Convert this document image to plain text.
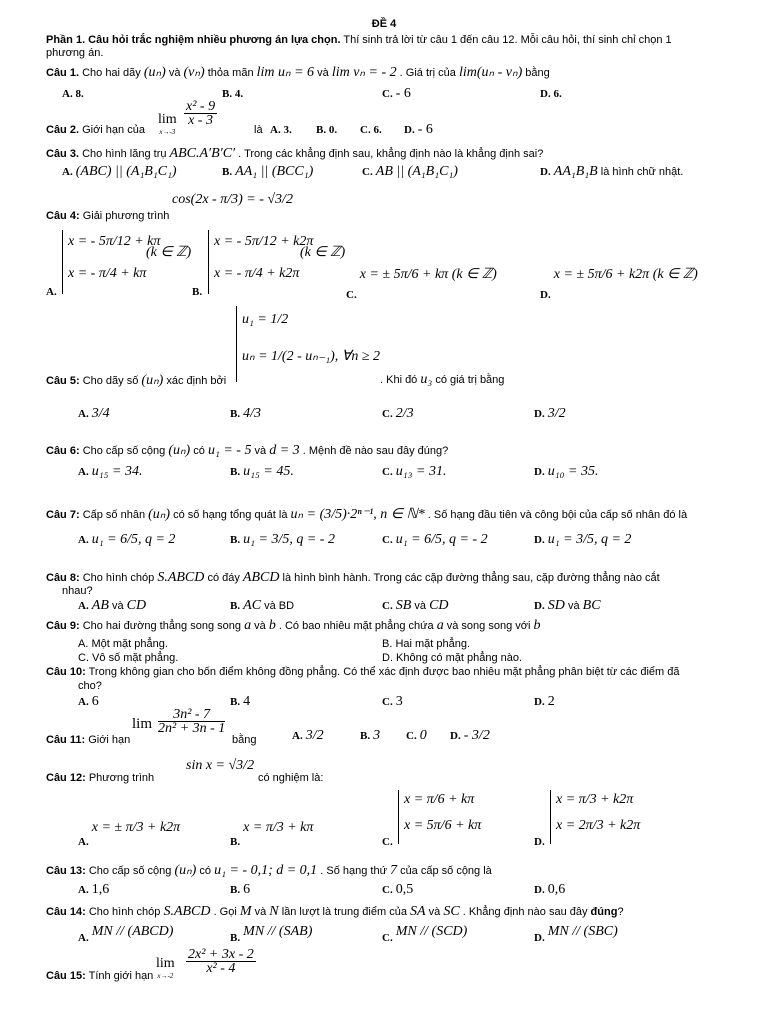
ĐỀ 4
Phần 1. Câu hỏi trắc nghiệm nhiều phương án lựa chọn. Thí sinh trả lời từ câu 1 đến câu 12. Mỗi câu hỏi, thí sinh chỉ chọn 1
phương án.
Câu 1. Cho hai dãy (uₙ) và (vₙ) thỏa mãn lim uₙ = 6 và lim vₙ = - 2 . Giá trị của lim(uₙ - vₙ) bằng
A. 8.	B. 4.	C. - 6	D. 6.
Câu 2. Giới hạn của
lim
x→-3
$\frac{\text{x² - 9}}{x - 3}$
là A. 3. B. 0. C. 6. D. - 6
Câu 3. Cho hình lăng trụ ABC.A′B′C′ . Trong các khẳng định sau, khẳng định nào là khẳng định sai?
A. (ABC) || (A₁B₁C₁)	B. AA₁ || (BCC₁)	C. AB || (A₁B₁C₁)	D. AA₁B₁B là hình chữ nhật.
Câu 4: Giải phương trình
cos(2x - π/3) = - √3/2
A.
x = - 5π/12 + kπ
x = - π/4 + kπ
(k ∈ ℤ)
B.
x = - 5π/12 + k2π
x = - π/4 + k2π
(k ∈ ℤ)
C. x = ± 5π/6 + kπ (k ∈ ℤ)
D. x = ± 5π/6 + k2π (k ∈ ℤ)
Câu 5: Cho dãy số (uₙ) xác định bởi
u₁ = 1/2
uₙ = 1/(2 - uₙ₋₁), ∀n ≥ 2
. Khi đó u₃ có giá trị bằng
A. 3/4	B. 4/3	C. 2/3	D. 3/2
Câu 6: Cho cấp số cộng (uₙ) có u₁ = - 5 và d = 3 . Mệnh đề nào sau đây đúng?
A. u₁₅ = 34.	B. u₁₅ = 45.	C. u₁₃ = 31.	D. u₁₀ = 35.
Câu 7: Cấp số nhân (uₙ) có số hạng tổng quát là uₙ = (3/5)·2ⁿ⁻¹, n ∈ ℕ* . Số hạng đầu tiên và công bội của cấp số nhân đó là
A. u₁ = 6/5, q = 2	B. u₁ = 3/5, q = - 2	C. u₁ = 6/5, q = - 2	D. u₁ = 3/5, q = 2
Câu 8: Cho hình chóp S.ABCD có đáy ABCD là hình bình hành. Trong các cặp đường thẳng sau, cặp đường thẳng nào cắt
nhau?
A. AB và CD	B. AC và BD	C. SB và CD	D. SD và BC
Câu 9: Cho hai đường thẳng song song a và b . Có bao nhiêu mặt phẳng chứa a và song song với b
A. Một mặt phẳng.	B. Hai mặt phẳng.
C. Vô số mặt phẳng.	D. Không có mặt phẳng nào.
Câu 10: Trong không gian cho bốn điểm không đồng phẳng. Có thể xác định được bao nhiêu mặt phẳng phân biệt từ các điểm đã
cho?
A. 6	B. 4	C. 3	D. 2
Câu 11: Giới hạn
$\lim \frac{\text{3n² - 7}}{\text{2n² + 3n - 1}}$
bằng	A. 3/2	B. 3 C. 0 D. - 3/2
Câu 12: Phương trình
sin x = √3/2
có nghiệm là:
A. x = ± π/3 + k2π
B. x = π/3 + kπ
C.
x = π/6 + kπ
x = 5π/6 + kπ
D.
x = π/3 + k2π
x = 2π/3 + k2π
Câu 13: Cho cấp số cộng (uₙ) có u₁ = - 0,1; d = 0,1 . Số hạng thứ 7 của cấp số cộng là
A. 1,6	B. 6	C. 0,5	D. 0,6
Câu 14: Cho hình chóp S.ABCD . Gọi M và N lần lượt là trung điểm của SA và SC . Khẳng định nào sau đây đúng?
A. MN // (ABCD)	B. MN // (SAB)	C. MN // (SCD)	D. MN // (SBC)
Câu 15: Tính giới hạn
lim
x→-2
$\frac{\text{2x² + 3x - 2}}{\text{x² - 4}}$
